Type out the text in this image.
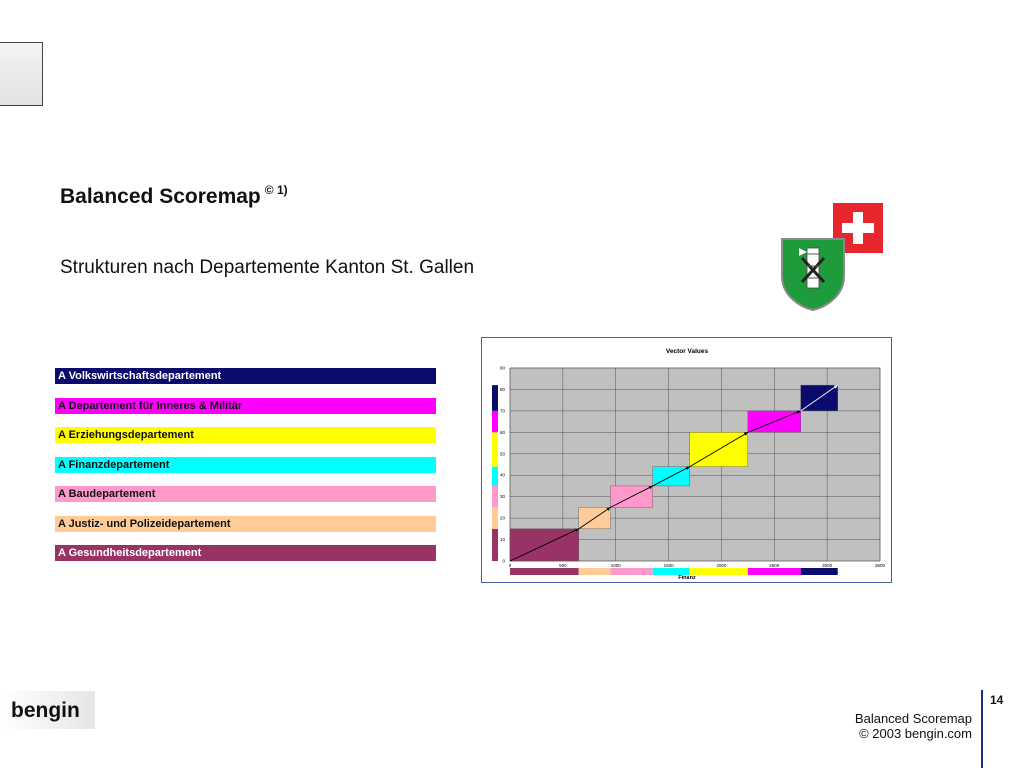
Balanced Scoremap $^{© 1)}$
Strukturen nach Departemente Kanton St. Gallen
A Volkswirtschaftsdepartement
A Departement für Inneres & Militär
A Erziehungsdepartement
A Finanzdepartement
A Baudepartement
A Justiz- und Polizeidepartement
A Gesundheitsdepartement
Vector Values
Finanz
0
10
20
30
40
50
60
70
80
90
0	500	1000	1500	2000	2500	3000	3500
bengin	14
Balanced Scoremap
© 2003 bengin.com
